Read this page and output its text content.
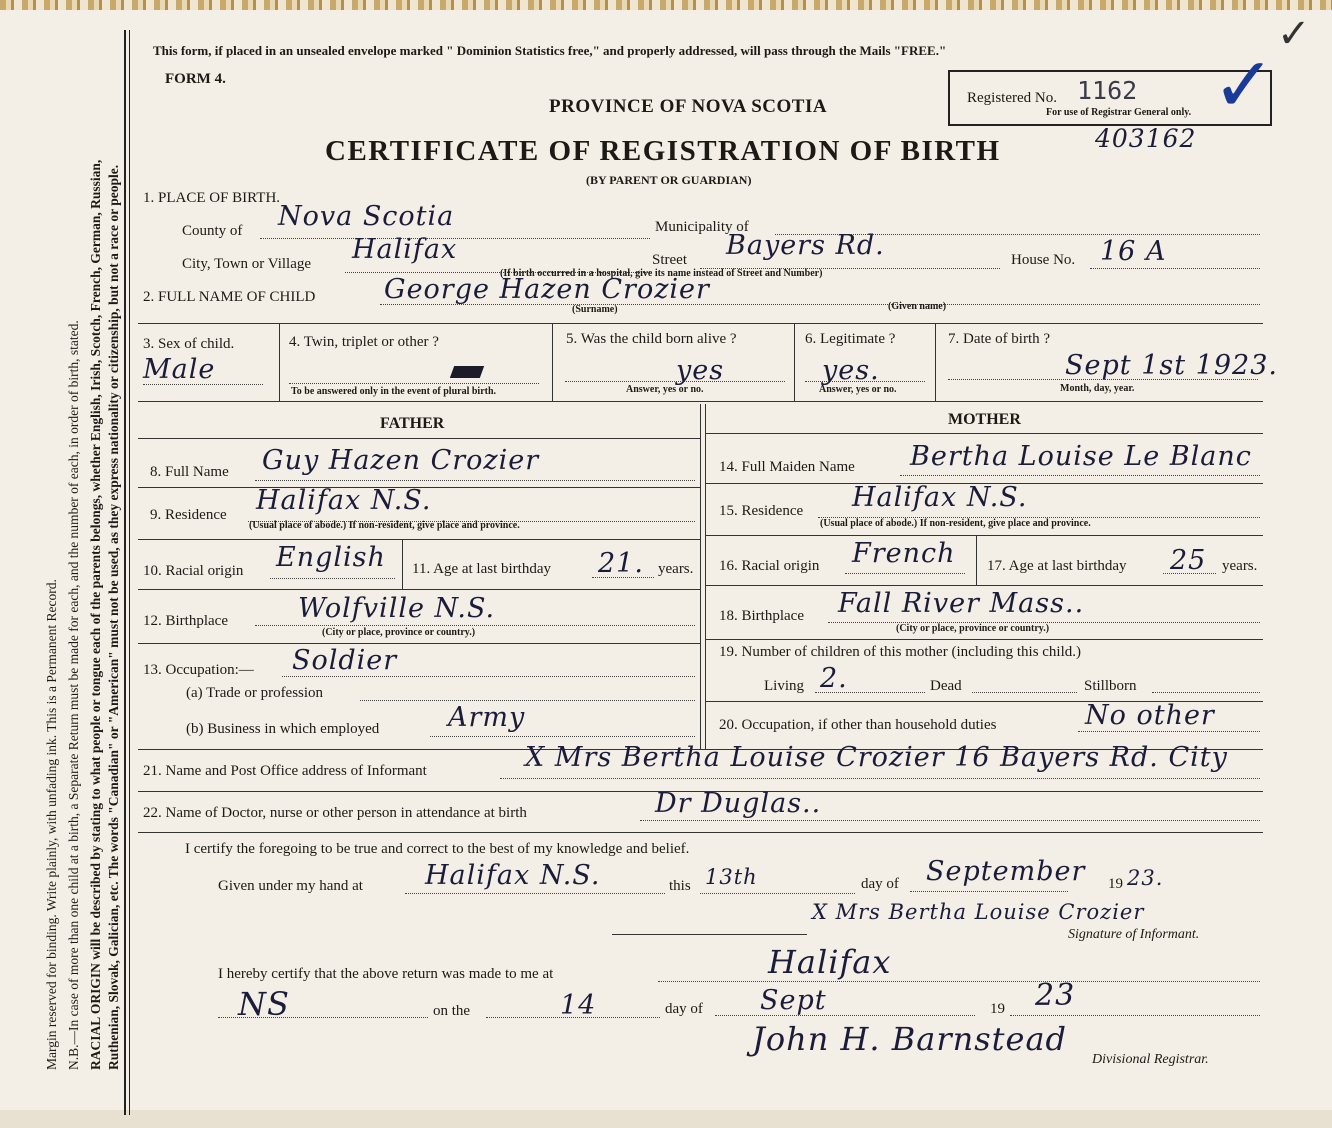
Margin reserved for binding. Write plainly, with unfading ink. This is a Permanent Record. N.B.—In case of more than one child at a birth, a Separate Return must be made for each, and the number of each, in order of birth, stated. RACIAL ORIGIN will be described by stating to what people or tongue each of the parents belongs, whether English, Irish, Scotch, French, German, Russian, Ruthenian, Slovak, Galician, etc. The words "Canadian" or "American" must not be used, as they express nationality or citizenship, but not a race or people.
This form, if placed in an unsealed envelope marked " Dominion Statistics free," and properly addressed, will pass through the Mails "FREE."
FORM 4.
PROVINCE OF NOVA SCOTIA	Registered No. 1162
For use of Registrar General only.
CERTIFICATE OF REGISTRATION OF BIRTH	403162
(BY PARENT OR GUARDIAN)
✓
✓
1. PLACE OF BIRTH.
County of Nova Scotia	Municipality of
City, Town or Village Halifax	Street Bayers Rd.
(If birth occurred in a hospital, give its name instead of Street and Number)
House No. 16 A
2. FULL NAME OF CHILD	George Hazen Crozier
(Surname)	(Given name)
3. Sex of child.
Male
4. Twin, triplet or other ?
To be answered only in the event of plural birth.
5. Was the child born alive ?
yes
Answer, yes or no.
6. Legitimate ?
yes.
Answer, yes or no.
7. Date of birth ?
Sept 1st 1923.
Month, day, year.
FATHER	MOTHER
8. Full Name Guy Hazen Crozier
9. Residence Halifax N.S.
(Usual place of abode.) If non-resident, give place and province.
10. Racial origin English 11. Age at last birthday 21. years.
12. Birthplace	Wolfville N.S.
(City or place, province or country.)
13. Occupation:— Soldier
(a) Trade or profession
(b) Business in which employed	Army
14. Full Maiden Name Bertha Louise Le Blanc
15. Residence Halifax N.S.
(Usual place of abode.) If non-resident, give place and province.
16. Racial origin French 17. Age at last birthday 25 years.
18. Birthplace Fall River Mass..
(City or place, province or country.)
19. Number of children of this mother (including this child.)
Living 2.	Dead	Stillborn
20. Occupation, if other than household duties	No other
21. Name and Post Office address of Informant	X Mrs Bertha Louise Crozier 16 Bayers Rd. City
22. Name of Doctor, nurse or other person in attendance at birth	Dr Duglas..
I certify the foregoing to be true and correct to the best of my knowledge and belief.
Given under my hand at Halifax N.S.	this 13th	day of September 19 23.
X Mrs Bertha Louise Crozier
Signature of Informant.
I hereby certify that the above return was made to me at	Halifax
NS	on the	14	day of Sept	19 23
John H. Barnstead
Divisional Registrar.
